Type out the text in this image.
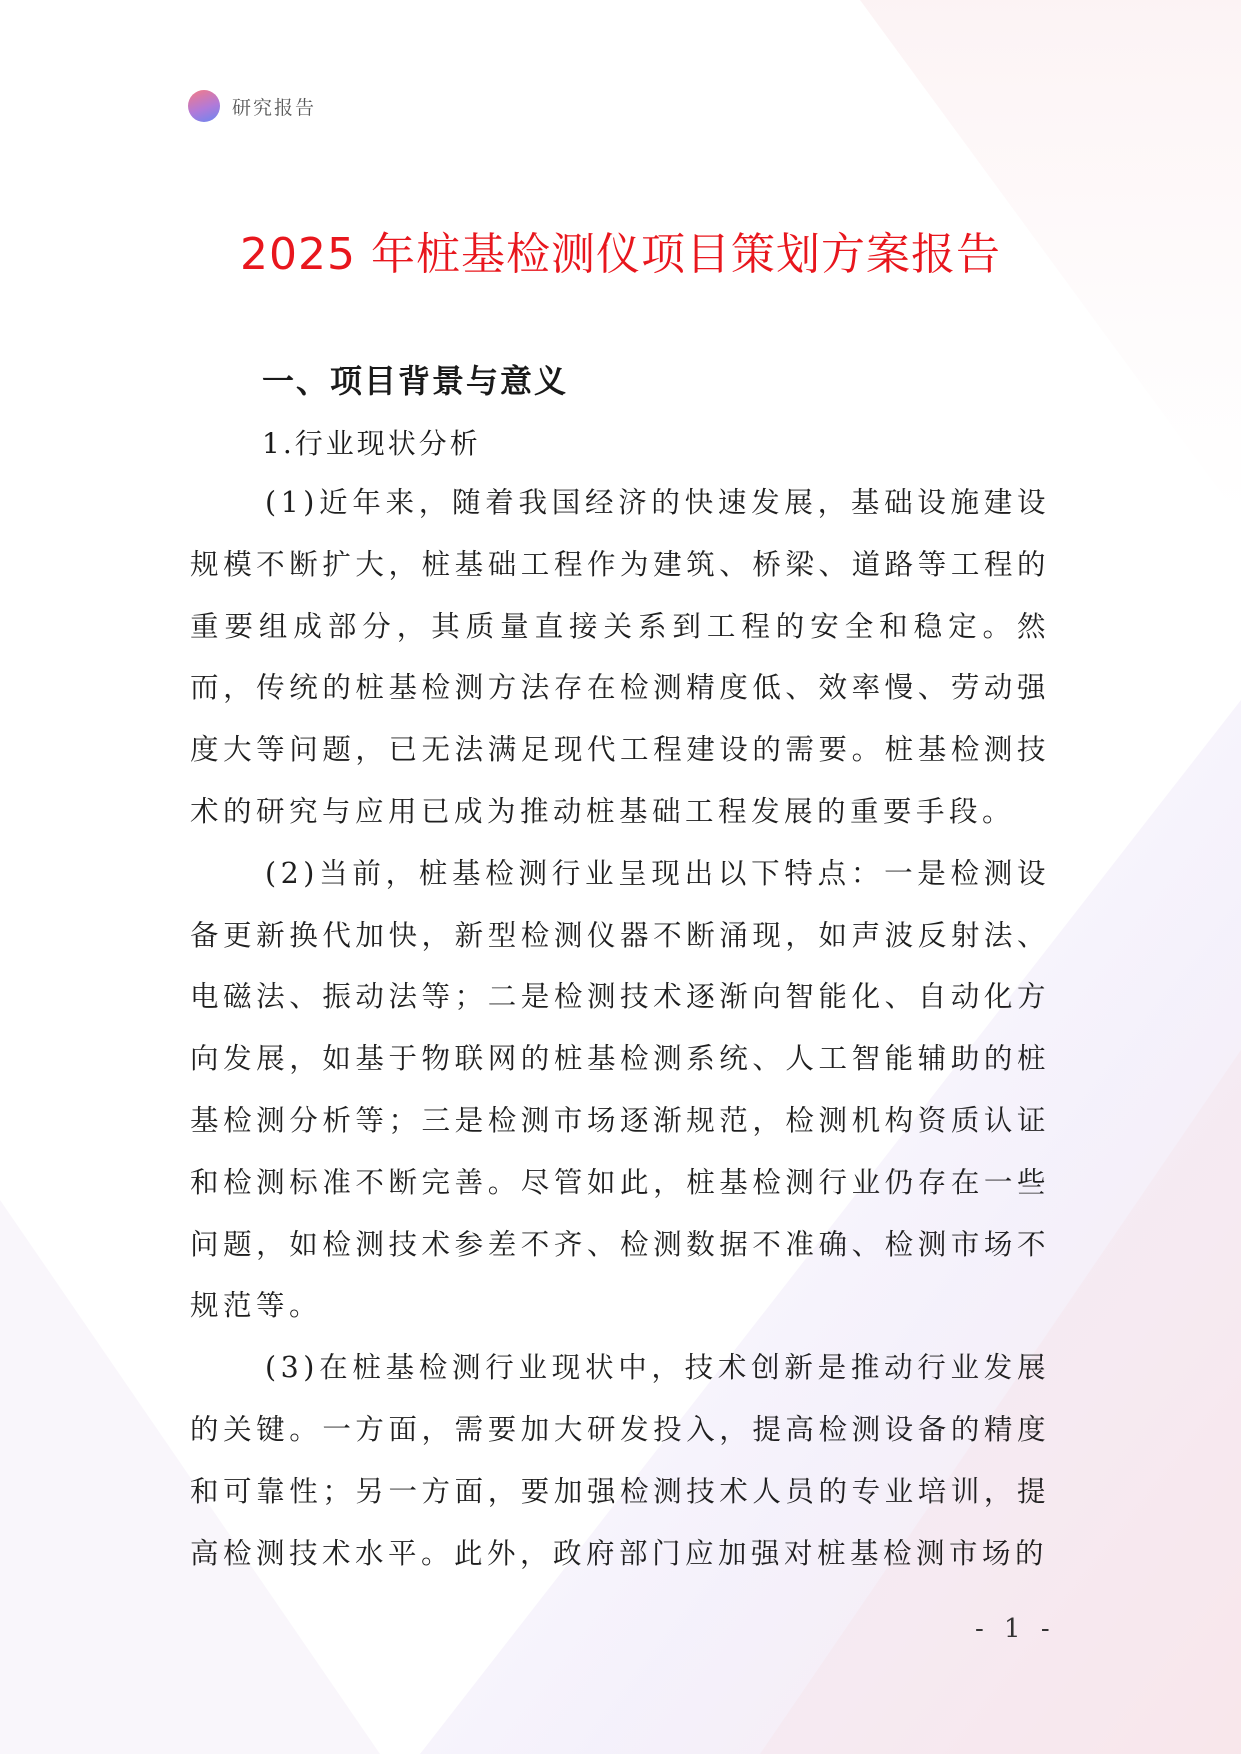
研究报告
2025 年桩基检测仪项目策划方案报告
一、项目背景与意义
1.行业现状分析

(1)近年来，随着我国经济的快速发展，基础设施建设规模不断扩大，桩基础工程作为建筑、桥梁、道路等工程的重要组成部分，其质量直接关系到工程的安全和稳定。然而，传统的桩基检测方法存在检测精度低、效率慢、劳动强度大等问题，已无法满足现代工程建设的需要。桩基检测技术的研究与应用已成为推动桩基础工程发展的重要手段。

(2)当前，桩基检测行业呈现出以下特点：一是检测设备更新换代加快，新型检测仪器不断涌现，如声波反射法、电磁法、振动法等；二是检测技术逐渐向智能化、自动化方向发展，如基于物联网的桩基检测系统、人工智能辅助的桩基检测分析等；三是检测市场逐渐规范，检测机构资质认证和检测标准不断完善。尽管如此，桩基检测行业仍存在一些问题，如检测技术参差不齐、检测数据不准确、检测市场不规范等。

(3)在桩基检测行业现状中，技术创新是推动行业发展的关键。一方面，需要加大研发投入，提高检测设备的精度和可靠性；另一方面，要加强检测技术人员的专业培训，提高检测技术水平。此外，政府部门应加强对桩基检测市场的

- 1 -
